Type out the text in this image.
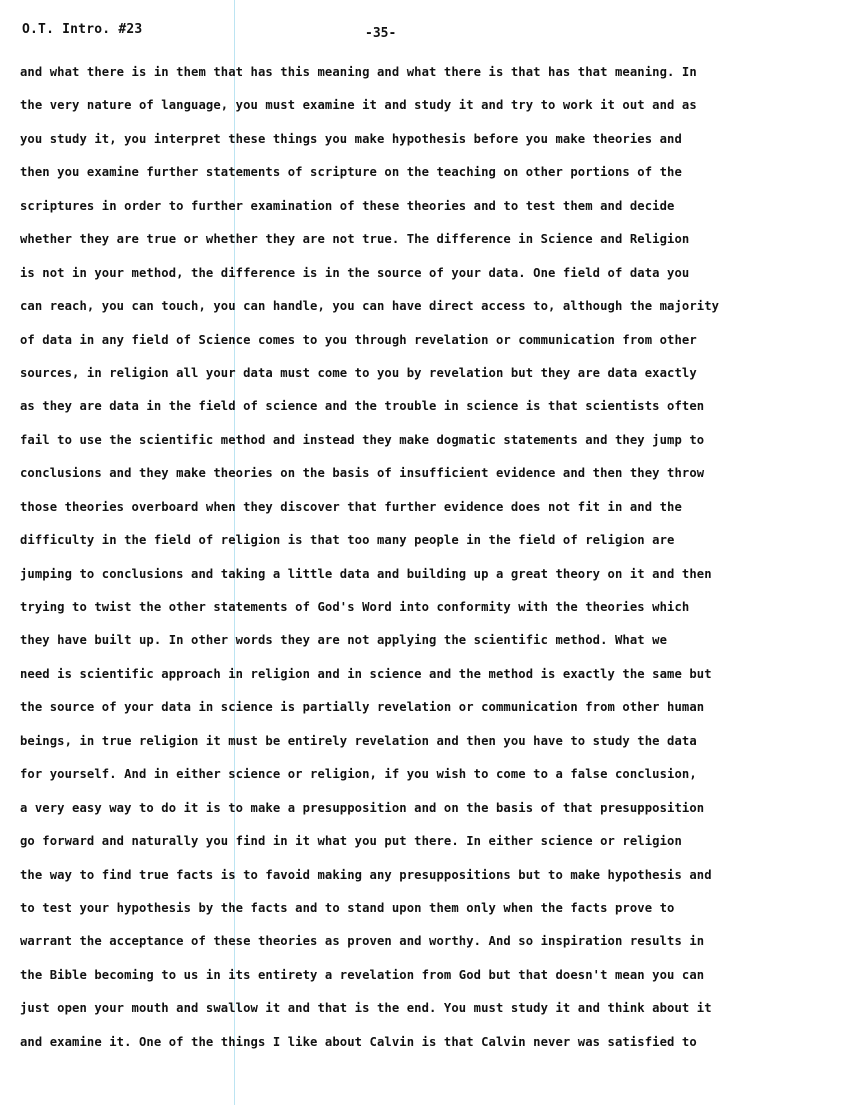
O.T. Intro. #23	-35-
and what there is in them that has this meaning and what there is that has that meaning. In
the very nature of language, you must examine it and study it and try to work it out and as
you study it, you interpret these things you make hypothesis before you make theories and
then you examine further statements of scripture on the teaching on other portions of the
scriptures in order to further examination of these theories and to test them and decide
whether they are true or whether they are not true. The difference in Science and Religion
is not in your method, the difference is in the source of your data. One field of data you
can reach, you can touch, you can handle, you can have direct access to, although the majority
of data in any field of Science comes to you through revelation or communication from other
sources, in religion all your data must come to you by revelation but they are data exactly
as they are data in the field of science and the trouble in science is that scientists often
fail to use the scientific method and instead they make dogmatic statements and they jump to
conclusions and they make theories on the basis of insufficient evidence and then they throw
those theories overboard when they discover that further evidence does not fit in and the
difficulty in the field of religion is that too many people in the field of religion are
jumping to conclusions and taking a little data and building up a great theory on it and then
trying to twist the other statements of God's Word into conformity with the theories which
they have built up. In other words they are not applying the scientific method. What we
need is scientific approach in religion and in science and the method is exactly the same but
the source of your data in science is partially revelation or communication from other human
beings, in true religion it must be entirely revelation and then you have to study the data
for yourself. And in either science or religion, if you wish to come to a false conclusion,
a very easy way to do it is to make a presupposition and on the basis of that presupposition
go forward and naturally you find in it what you put there. In either science or religion
the way to find true facts is to favoid making any presuppositions but to make hypothesis and
to test your hypothesis by the facts and to stand upon them only when the facts prove to
warrant the acceptance of these theories as proven and worthy. And so inspiration results in
the Bible becoming to us in its entirety a revelation from God but that doesn't mean you can
just open your mouth and swallow it and that is the end. You must study it and think about it
and examine it. One of the things I like about Calvin is that Calvin never was satisfied to
